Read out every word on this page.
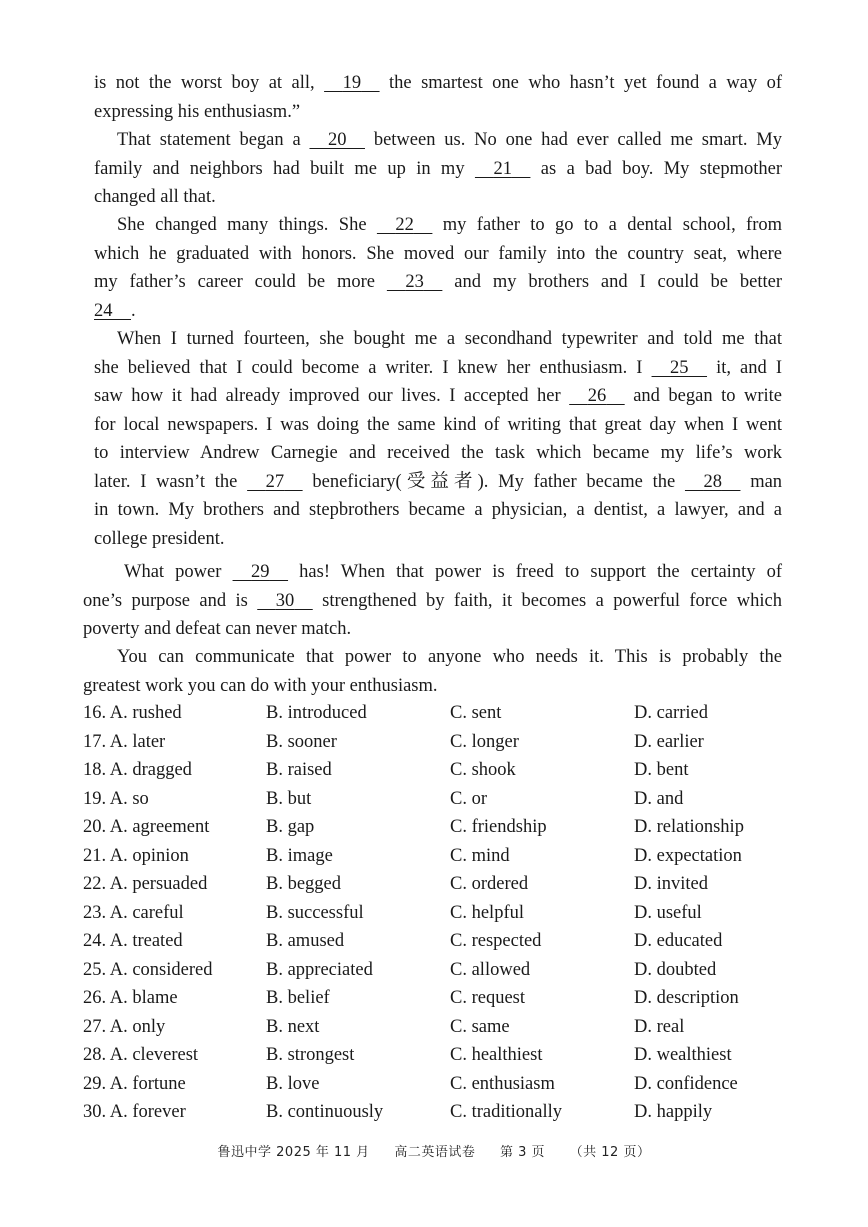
is not the worst boy at all, 19 the smartest one who hasn’t yet found a way of
expressing his enthusiasm.”
That statement began a 20 between us. No one had ever called me smart. My
family and neighbors had built me up in my 21 as a bad boy. My stepmother
changed all that.
She changed many things. She 22 my father to go to a dental school, from
which he graduated with honors. She moved our family into the country seat, where
my father’s career could be more 23 and my brothers and I could be better
24 .
When I turned fourteen, she bought me a secondhand typewriter and told me that
she believed that I could become a writer. I knew her enthusiasm. I 25 it, and I
saw how it had already improved our lives. I accepted her 26 and began to write
for local newspapers. I was doing the same kind of writing that great day when I went
to interview Andrew Carnegie and received the task which became my life’s work
later. I wasn’t the 27 beneficiary(受益者). My father became the 28 man
in town. My brothers and stepbrothers became a physician, a dentist, a lawyer, and a
college president.
What power 29 has! When that power is freed to support the certainty of
one’s purpose and is 30 strengthened by faith, it becomes a powerful force which
poverty and defeat can never match.
You can communicate that power to anyone who needs it. This is probably the
greatest work you can do with your enthusiasm.
16. A. rushed	B. introduced	C. sent	D. carried
17. A. later	B. sooner	C. longer	D. earlier
18. A. dragged	B. raised	C. shook	D. bent
19. A. so	B. but	C. or	D. and
20. A. agreement	B. gap	C. friendship	D. relationship
21. A. opinion	B. image	C. mind	D. expectation
22. A. persuaded	B. begged	C. ordered	D. invited
23. A. careful	B. successful	C. helpful	D. useful
24. A. treated	B. amused	C. respected	D. educated
25. A. considered	B. appreciated	C. allowed	D. doubted
26. A. blame	B. belief	C. request	D. description
27. A. only	B. next	C. same	D. real
28. A. cleverest	B. strongest	C. healthiest	D. wealthiest
29. A. fortune	B. love	C. enthusiasm	D. confidence
30. A. forever	B. continuously	C. traditionally	D. happily
鲁迅中学 2025 年 11 月 高二英语试卷 第 3 页 （共 12 页）
